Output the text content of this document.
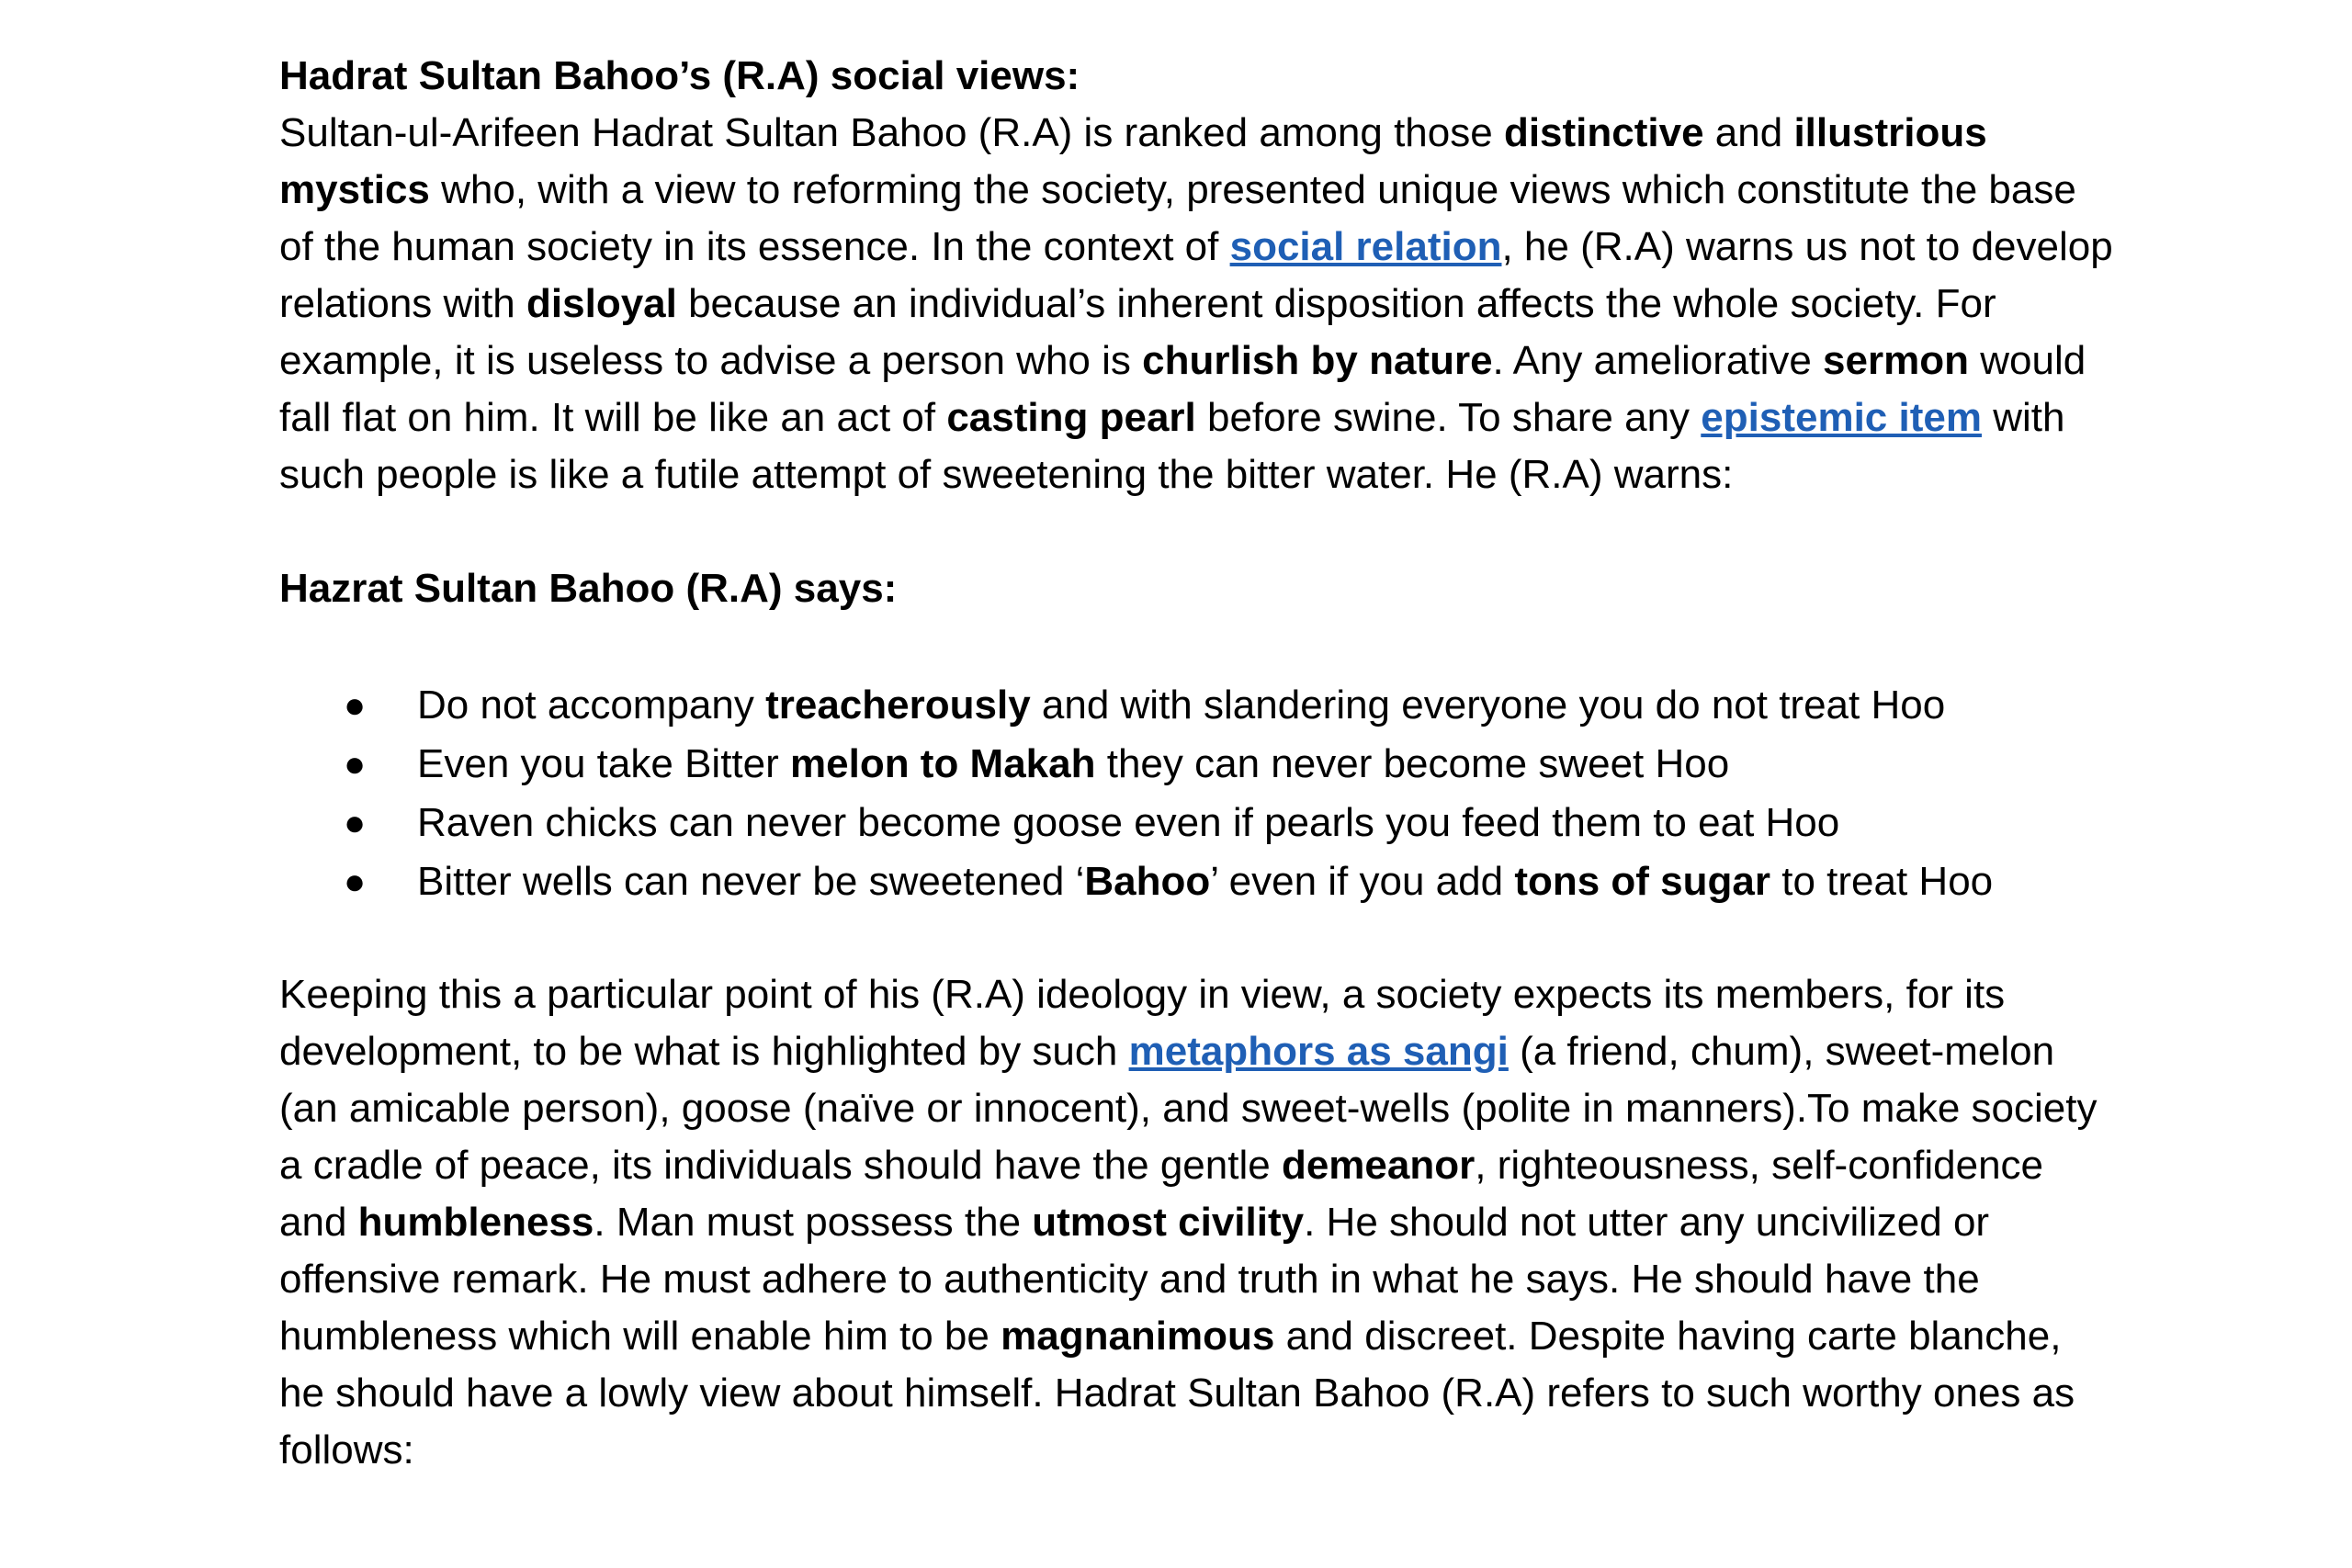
Hadrat Sultan Bahoo’s (R.A) social views:

Sultan-ul-Arifeen Hadrat Sultan Bahoo (R.A) is ranked among those distinctive and illustrious mystics who, with a view to reforming the society, presented unique views which constitute the base of the human society in its essence. In the context of social relation, he (R.A) warns us not to develop relations with disloyal because an individual’s inherent disposition affects the whole society. For example, it is useless to advise a person who is churlish by nature. Any ameliorative sermon would fall flat on him. It will be like an act of casting pearl before swine. To share any epistemic item with such people is like a futile attempt of sweetening the bitter water. He (R.A) warns:

Hazrat Sultan Bahoo (R.A) says:

● Do not accompany treacherously and with slandering everyone you do not treat Hoo
● Even you take Bitter melon to Makah they can never become sweet Hoo
● Raven chicks can never become goose even if pearls you feed them to eat Hoo
● Bitter wells can never be sweetened ‘Bahoo’ even if you add tons of sugar to treat Hoo

Keeping this a particular point of his (R.A) ideology in view, a society expects its members, for its development, to be what is highlighted by such metaphors as sangi (a friend, chum), sweet-melon (an amicable person), goose (naïve or innocent), and sweet-wells (polite in manners).To make society a cradle of peace, its individuals should have the gentle demeanor, righteousness, self-confidence and humbleness. Man must possess the utmost civility. He should not utter any uncivilized or offensive remark. He must adhere to authenticity and truth in what he says. He should have the humbleness which will enable him to be magnanimous and discreet. Despite having carte blanche, he should have a lowly view about himself. Hadrat Sultan Bahoo (R.A) refers to such worthy ones as follows:
